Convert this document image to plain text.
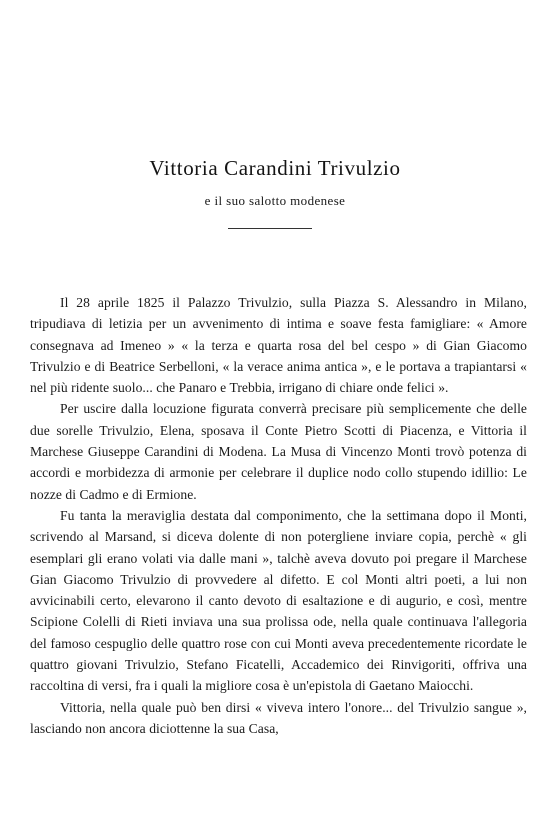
Vittoria Carandini Trivulzio
e il suo salotto modenese

Il 28 aprile 1825 il Palazzo Trivulzio, sulla Piazza S. Alessandro in Milano, tripudiava di letizia per un avvenimento di intima e soave festa famigliare: « Amore consegnava ad Imeneo » « la terza e quarta rosa del bel cespo » di Gian Giacomo Trivulzio e di Beatrice Serbelloni, « la verace anima antica », e le portava a trapiantarsi « nel più ridente suolo... che Panaro e Trebbia, irrigano di chiare onde felici ».

Per uscire dalla locuzione figurata converrà precisare più semplicemente che delle due sorelle Trivulzio, Elena, sposava il Conte Pietro Scotti di Piacenza, e Vittoria il Marchese Giuseppe Carandini di Modena. La Musa di Vincenzo Monti trovò potenza di accordi e morbidezza di armonie per celebrare il duplice nodo collo stupendo idillio: Le nozze di Cadmo e di Ermione.

Fu tanta la meraviglia destata dal componimento, che la settimana dopo il Monti, scrivendo al Marsand, si diceva dolente di non potergliene inviare copia, perchè « gli esemplari gli erano volati via dalle mani », talchè aveva dovuto poi pregare il Marchese Gian Giacomo Trivulzio di provvedere al difetto. E col Monti altri poeti, a lui non avvicinabili certo, elevarono il canto devoto di esaltazione e di augurio, e così, mentre Scipione Colelli di Rieti inviava una sua prolissa ode, nella quale continuava l'allegoria del famoso cespuglio delle quattro rose con cui Monti aveva precedentemente ricordate le quattro giovani Trivulzio, Stefano Ficatelli, Accademico dei Rinvigoriti, offriva una raccoltina di versi, fra i quali la migliore cosa è un'epistola di Gaetano Maiocchi.

Vittoria, nella quale può ben dirsi « viveva intero l'onore... del Trivulzio sangue », lasciando non ancora diciottenne la sua Casa,
